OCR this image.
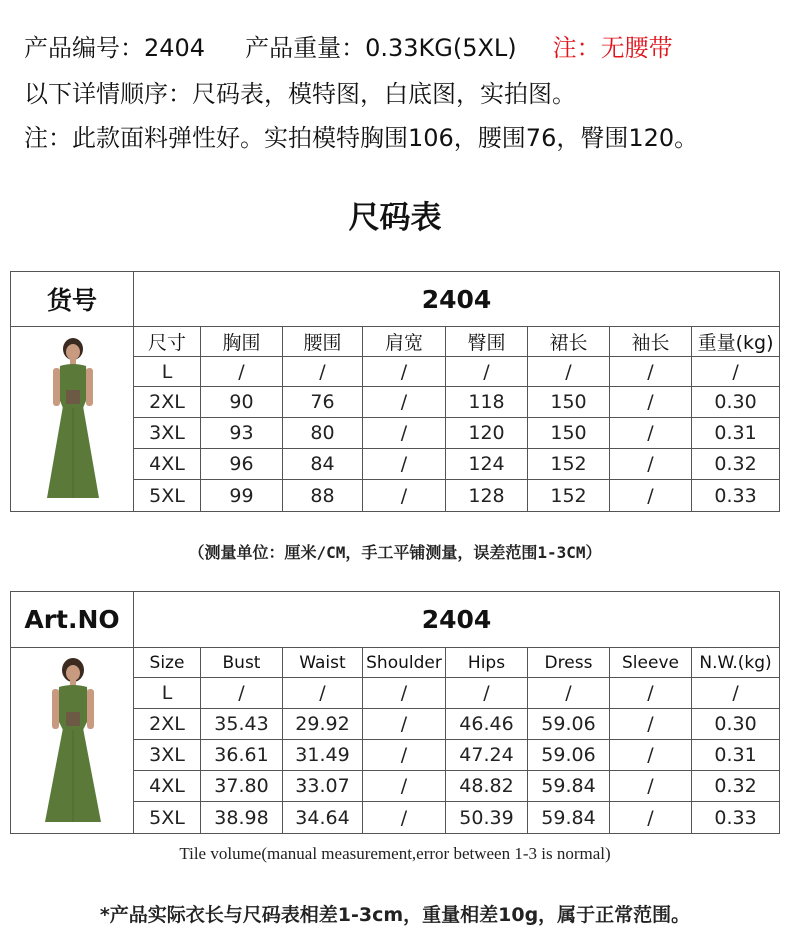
产品编号：2404 产品重量：0.33KG(5XL) 注：无腰带
以下详情顺序：尺码表，模特图，白底图，实拍图。
注：此款面料弹性好。实拍模特胸围106，腰围76，臀围120。
尺码表
货号	2404							

	尺寸	胸围	腰围	肩宽	臀围	裙长	袖长	重量(kg)
	L	/	/	/	/	/	/	/
	2XL	90	76	/	118	150	/	0.30
	3XL	93	80	/	120	150	/	0.31
	4XL	96	84	/	124	152	/	0.32
	5XL	99	88	/	128	152	/	0.33
（测量单位：厘米/CM，手工平铺测量，误差范围1-3CM）
Art.NO	2404							

	Size	Bust	Waist	Shoulder	Hips	Dress	Sleeve	N.W.(kg)
	L	/	/	/	/	/	/	/
	2XL	35.43	29.92	/	46.46	59.06	/	0.30
	3XL	36.61	31.49	/	47.24	59.06	/	0.31
	4XL	37.80	33.07	/	48.82	59.84	/	0.32
	5XL	38.98	34.64	/	50.39	59.84	/	0.33
Tile volume(manual measurement,error between 1-3 is normal)
*产品实际衣长与尺码表相差1-3cm，重量相差10g，属于正常范围。
